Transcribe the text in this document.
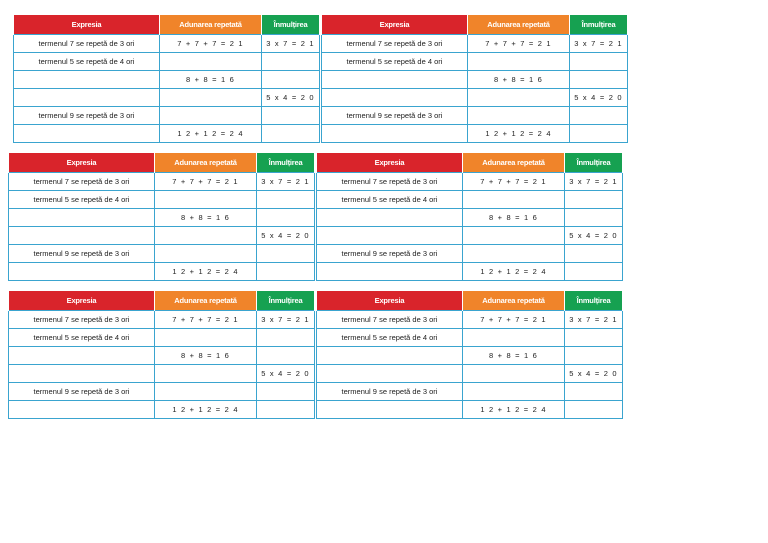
Expresia	Adunarea repetată	Înmulțirea
termenul 7 se repetă de 3 ori	7 + 7 + 7 = 2 1	3 x 7 = 2 1
termenul 5 se repetă de 4 ori		
	8 + 8 = 1 6	
		5 x 4 = 2 0
termenul 9 se repetă de 3 ori		
	1 2 + 1 2 = 2 4	
Expresia	Adunarea repetată	Înmulțirea
termenul 7 se repetă de 3 ori	7 + 7 + 7 = 2 1	3 x 7 = 2 1
termenul 5 se repetă de 4 ori		
	8 + 8 = 1 6	
		5 x 4 = 2 0
termenul 9 se repetă de 3 ori		
	1 2 + 1 2 = 2 4	
Expresia	Adunarea repetată	Înmulțirea
termenul 7 se repetă de 3 ori	7 + 7 + 7 = 2 1	3 x 7 = 2 1
termenul 5 se repetă de 4 ori		
	8 + 8 = 1 6	
		5 x 4 = 2 0
termenul 9 se repetă de 3 ori		
	1 2 + 1 2 = 2 4	
Expresia	Adunarea repetată	Înmulțirea
termenul 7 se repetă de 3 ori	7 + 7 + 7 = 2 1	3 x 7 = 2 1
termenul 5 se repetă de 4 ori		
	8 + 8 = 1 6	
		5 x 4 = 2 0
termenul 9 se repetă de 3 ori		
	1 2 + 1 2 = 2 4	
Expresia	Adunarea repetată	Înmulțirea
termenul 7 se repetă de 3 ori	7 + 7 + 7 = 2 1	3 x 7 = 2 1
termenul 5 se repetă de 4 ori		
	8 + 8 = 1 6	
		5 x 4 = 2 0
termenul 9 se repetă de 3 ori		
	1 2 + 1 2 = 2 4	
Expresia	Adunarea repetată	Înmulțirea
termenul 7 se repetă de 3 ori	7 + 7 + 7 = 2 1	3 x 7 = 2 1
termenul 5 se repetă de 4 ori		
	8 + 8 = 1 6	
		5 x 4 = 2 0
termenul 9 se repetă de 3 ori		
	1 2 + 1 2 = 2 4	
